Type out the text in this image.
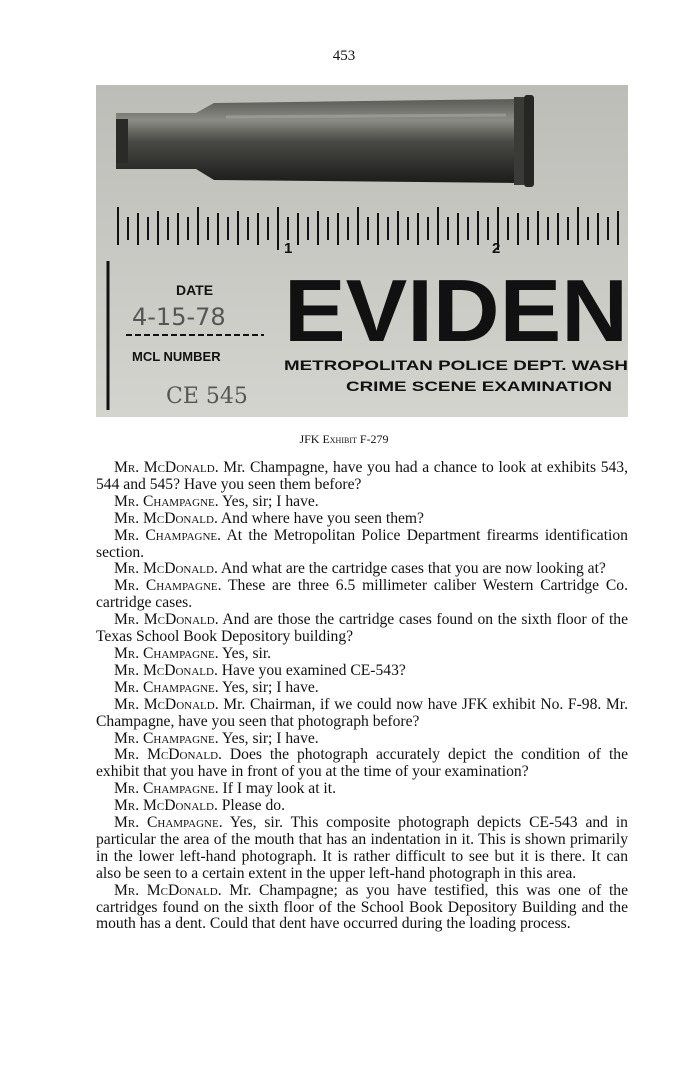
453
1	2
DATE
4-15-78
MCL NUMBER
CE 545
EVIDEN
METROPOLITAN POLICE DEPT. WASH
CRIME SCENE EXAMINATION
JFK Exhibit F-279

Mr. McDonald. Mr. Champagne, have you had a chance to look at exhibits 543, 544 and 545? Have you seen them before?

Mr. Champagne. Yes, sir; I have.

Mr. McDonald. And where have you seen them?

Mr. Champagne. At the Metropolitan Police Department firearms identification section.

Mr. McDonald. And what are the cartridge cases that you are now looking at?

Mr. Champagne. These are three 6.5 millimeter caliber Western Cartridge Co. cartridge cases.

Mr. McDonald. And are those the cartridge cases found on the sixth floor of the Texas School Book Depository building?

Mr. Champagne. Yes, sir.

Mr. McDonald. Have you examined CE-543?

Mr. Champagne. Yes, sir; I have.

Mr. McDonald. Mr. Chairman, if we could now have JFK exhibit No. F-98. Mr. Champagne, have you seen that photograph before?

Mr. Champagne. Yes, sir; I have.

Mr. McDonald. Does the photograph accurately depict the condition of the exhibit that you have in front of you at the time of your examination?

Mr. Champagne. If I may look at it.

Mr. McDonald. Please do.

Mr. Champagne. Yes, sir. This composite photograph depicts CE-543 and in particular the area of the mouth that has an indentation in it. This is shown primarily in the lower left-hand photograph. It is rather difficult to see but it is there. It can also be seen to a certain extent in the upper left-hand photograph in this area.

Mr. McDonald. Mr. Champagne; as you have testified, this was one of the cartridges found on the sixth floor of the School Book Depository Building and the mouth has a dent. Could that dent have occurred during the loading process.
